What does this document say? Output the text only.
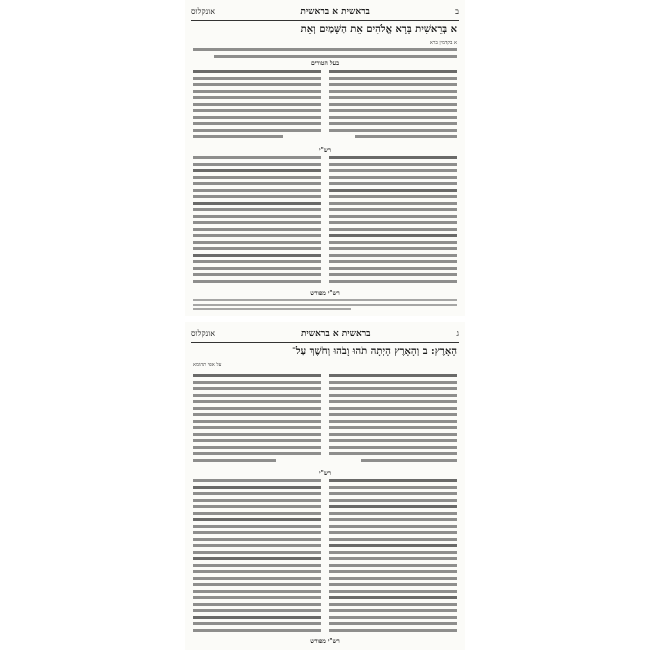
ב
בראשית א בראשית
אונקלוס
א בְּרֵאשִׁית בָּרָא אֱלֹהִים אֵת הַשָּׁמַיִם וְאֵת
א בקדמין ברא
בעל הטורים
רש"י
רש"י מפורש
ג
בראשית א בראשית
אונקלוס
הָאָרֶץ: ב וְהָאָרֶץ הָיְתָה תֹהוּ וָבֹהוּ וְחֹשֶׁךְ עַל־
על אפי תהומא
רש"י
רש"י מפורש
